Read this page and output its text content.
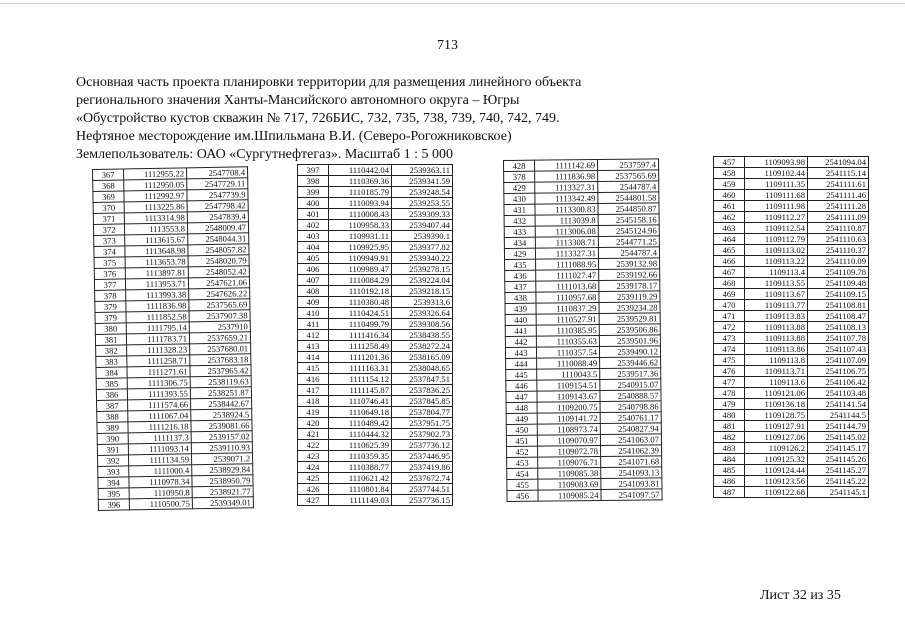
713
Основная часть проекта планировки территории для размещения линейного объекта
регионального значения Ханты-Мансийского автономного округа – Югры
«Обустройство кустов скважин № 717, 726БИС, 732, 735, 738, 739, 740, 742, 749.
Нефтяное месторождение им.Шпильмана В.И. (Северо-Рогожниковское)
Землепользователь: ОАО «Сургутнефтегаз». Масштаб 1 : 5 000
367	1112955.22	2547708.4
368	1112950.05	2547729.11
369	1112992.97	2547739.9
370	1113225.86	2547798.42
371	1113314.98	2547839.4
372	1113553.8	2548009.47
373	1113615.67	2548044.31
374	1113648.98	2548057.82
375	1113653.78	2548020.79
376	1113897.81	2548052.42
377	1113953.71	2547621.06
378	1113993.38	2547626.22
379	1111836.98	2537565.69
379	1111852.58	2537907.38
380	1111795.14	2537910
381	1111783.71	2537659.21
382	1111328.23	2537680.01
383	1111258.71	2537683.18
384	1111271.61	2537965.42
385	1111306.75	2538119.63
386	1111393.55	2538251.87
387	1111574.66	2538442.67
388	1111067.04	2538924.5
389	1111216.18	2539081.66
390	1111137.3	2539157.02
391	1111093.14	2539110.93
392	1111134.59	2539071.2
393	1111000.4	2538929.84
394	1110978.34	2538950.79
395	1110950.8	2538921.77
396	1110500.75	2539349.01
397	1110442.04	2539363.11
398	1110369.36	2539341.59
399	1110185.79	2539248.54
400	1110093.94	2539253.55
401	1110008.43	2539309.33
402	1109958.33	2539407.44
403	1109931.11	2539390.1
404	1109925.95	2539377.82
405	1109949.91	2539340.22
406	1109989.47	2539278.15
407	1110084.29	2539224.04
408	1110192.18	2539218.15
409	1110380.48	2539313.6
410	1110424.51	2539326.64
411	1110499.79	2539308.56
412	1111416.34	2538438.55
413	1111258.49	2538272.24
414	1111201.36	2538165.09
415	1111163.31	2538048.65
416	1111154.12	2537847.51
417	1111145.87	2537836.25
418	1110746.41	2537845.85
419	1110649.18	2537804.77
420	1110489.42	2537951.75
421	1110444.32	2537902.73
422	1110625.39	2537736.12
423	1110359.35	2537446.95
424	1110388.77	2537419.86
425	1110621.42	2537672.74
426	1110801.84	2537744.51
427	1111149.03	2537736.15
428	1111142.69	2537597.4
378	1111836.98	2537565.69
429	1113327.31	2544787.4
430	1113342.49	2544801.58
431	1113300.83	2544850.87
432	1113039.8	2545158.16
433	1113006.08	2545124.96
434	1113308.71	2544771.25
429	1113327.31	2544787.4
435	1111088.95	2539132.98
436	1111027.47	2539192.66
437	1111013.68	2539178.17
438	1110957.68	2539119.29
439	1110837.29	2539234.28
440	1110527.91	2539529.81
441	1110385.95	2539506.86
442	1110355.63	2539501.96
443	1110357.54	2539490.12
444	1110088.49	2539446.62
445	1110043.5	2539517.36
446	1109154.51	2540915.07
447	1109143.67	2540888.57
448	1109200.75	2540798.86
449	1109141.72	2540761.17
450	1108973.74	2540827.94
451	1109070.97	2541063.07
452	1109072.78	2541062.39
453	1109076.71	2541071.68
454	1109085.38	2541093.13
455	1109083.69	2541093.81
456	1109085.24	2541097.57
457	1109093.98	2541094.04
458	1109102.44	2541115.14
459	1109111.35	2541111.61
460	1109111.68	2541111.46
461	1109111.98	2541111.28
462	1109112.27	2541111.09
463	1109112.54	2541110.87
464	1109112.79	2541110.63
465	1109113.02	2541110.37
466	1109113.22	2541110.09
467	1109113.4	2541109.78
468	1109113.55	2541109.48
469	1109113.67	2541109.15
470	1109113.77	2541108.81
471	1109113.83	2541108.47
472	1109113.88	2541108.13
473	1109113.88	2541107.78
474	1109113.86	2541107.43
475	1109113.8	2541107.09
476	1109113.71	2541106.75
477	1109113.6	2541106.42
478	1109121.06	2541103.48
479	1109136.18	2541141.54
480	1109128.75	2541144.5
481	1109127.91	2541144.79
482	1109127.06	2541145.02
483	1109126.2	2541145.17
484	1109125.32	2541145.26
485	1109124.44	2541145.27
486	1109123.56	2541145.22
487	1109122.68	2541145.1
Лист 32 из 35
